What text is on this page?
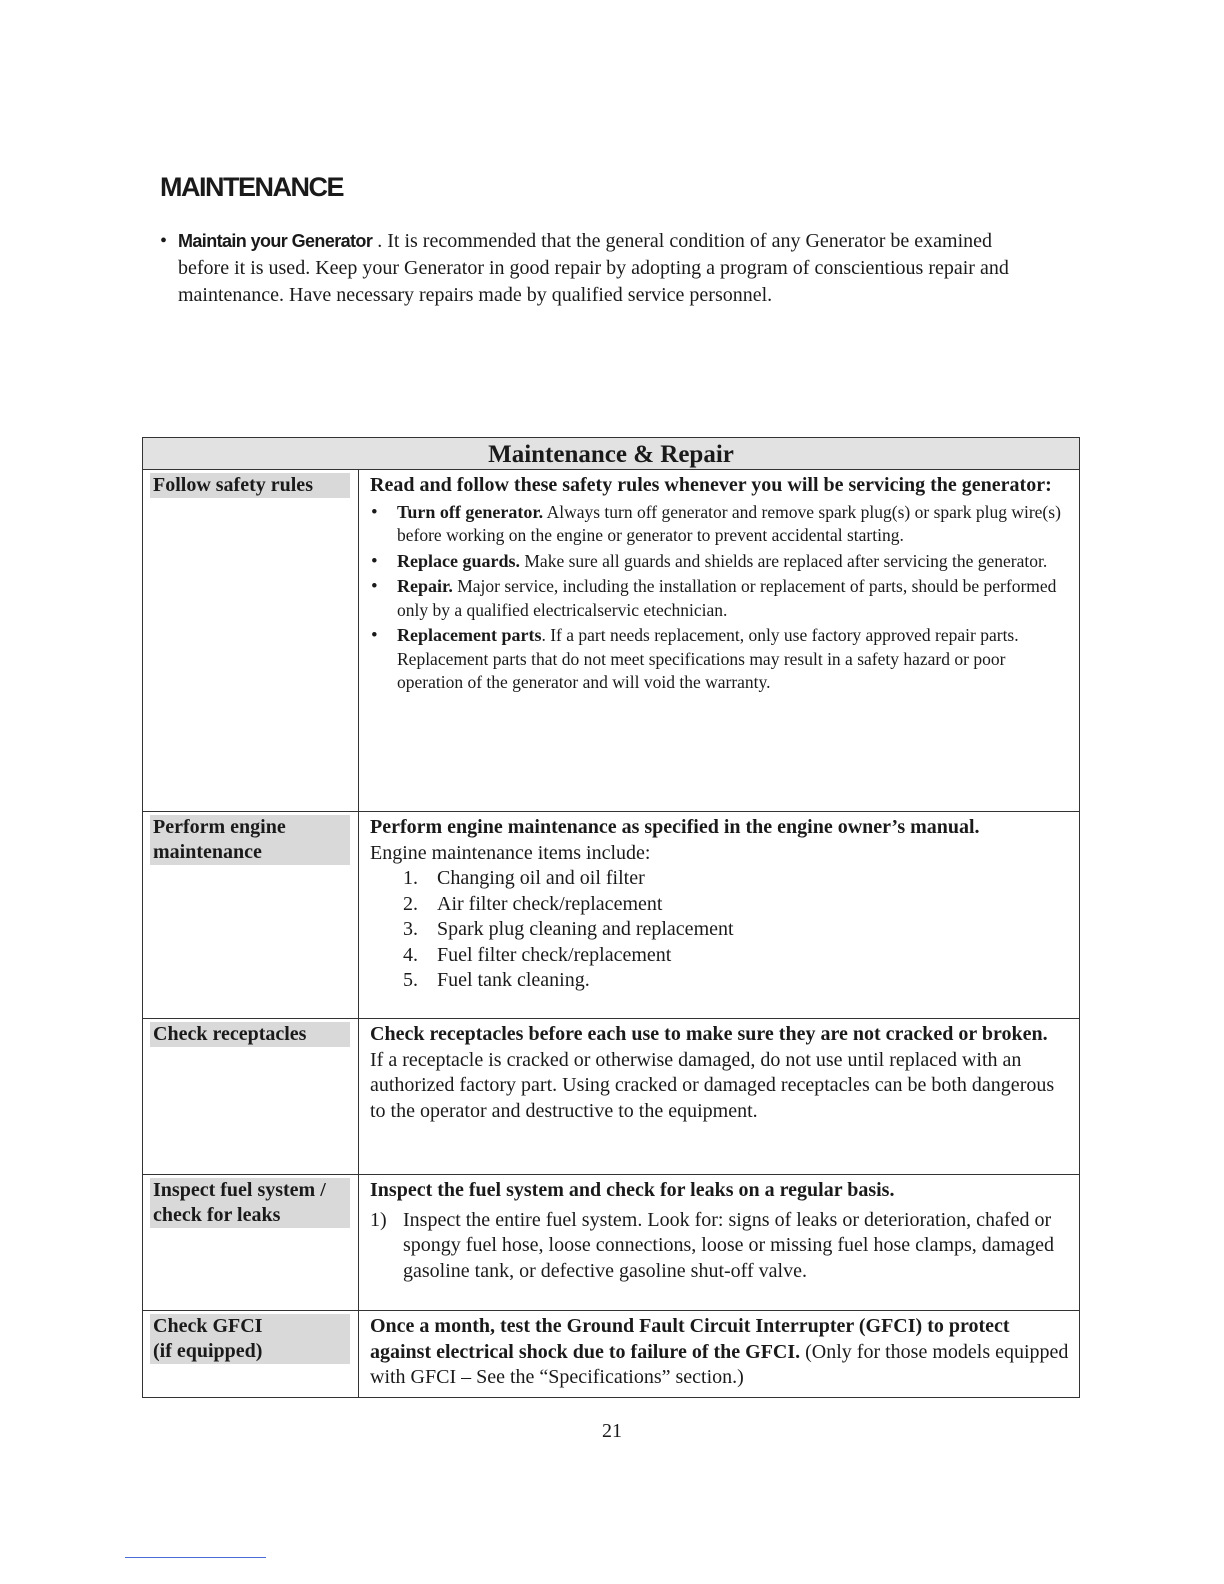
MAINTENANCE
• Maintain your Generator . It is recommended that the general condition of any Generator be examined before it is used. Keep your Generator in good repair by adopting a program of conscientious repair and maintenance. Have necessary repairs made by qualified service personnel.
Maintenance & Repair
Follow safety rules	Read and follow these safety rules whenever you will be servicing the generator:
• Turn off generator. Always turn off generator and remove spark plug(s) or spark plug wire(s) before working on the engine or generator to prevent accidental starting.
• Replace guards. Make sure all guards and shields are replaced after servicing the generator.
• Repair. Major service, including the installation or replacement of parts, should be performed only by a qualified electricalservic etechnician.
• Replacement parts. If a part needs replacement, only use factory approved repair parts. Replacement parts that do not meet specifications may result in a safety hazard or poor operation of the generator and will void the warranty.
Perform engine maintenance
Perform engine maintenance as specified in the engine owner’s manual.
Engine maintenance items include:
1. Changing oil and oil filter
2. Air filter check/replacement
3. Spark plug cleaning and replacement
4. Fuel filter check/replacement
5. Fuel tank cleaning.
Check receptacles	Check receptacles before each use to make sure they are not cracked or broken.
If a receptacle is cracked or otherwise damaged, do not use until replaced with an authorized factory part. Using cracked or damaged receptacles can be both dangerous to the operator and destructive to the equipment.
Inspect fuel system / check for leaks
Inspect the fuel system and check for leaks on a regular basis.
1) Inspect the entire fuel system. Look for: signs of leaks or deterioration, chafed or spongy fuel hose, loose connections, loose or missing fuel hose clamps, damaged gasoline tank, or defective gasoline shut-off valve.
Check GFCI
(if equipped)
Once a month, test the Ground Fault Circuit Interrupter (GFCI) to protect against electrical shock due to failure of the GFCI. (Only for those models equipped with GFCI – See the “Specifications” section.)
21
